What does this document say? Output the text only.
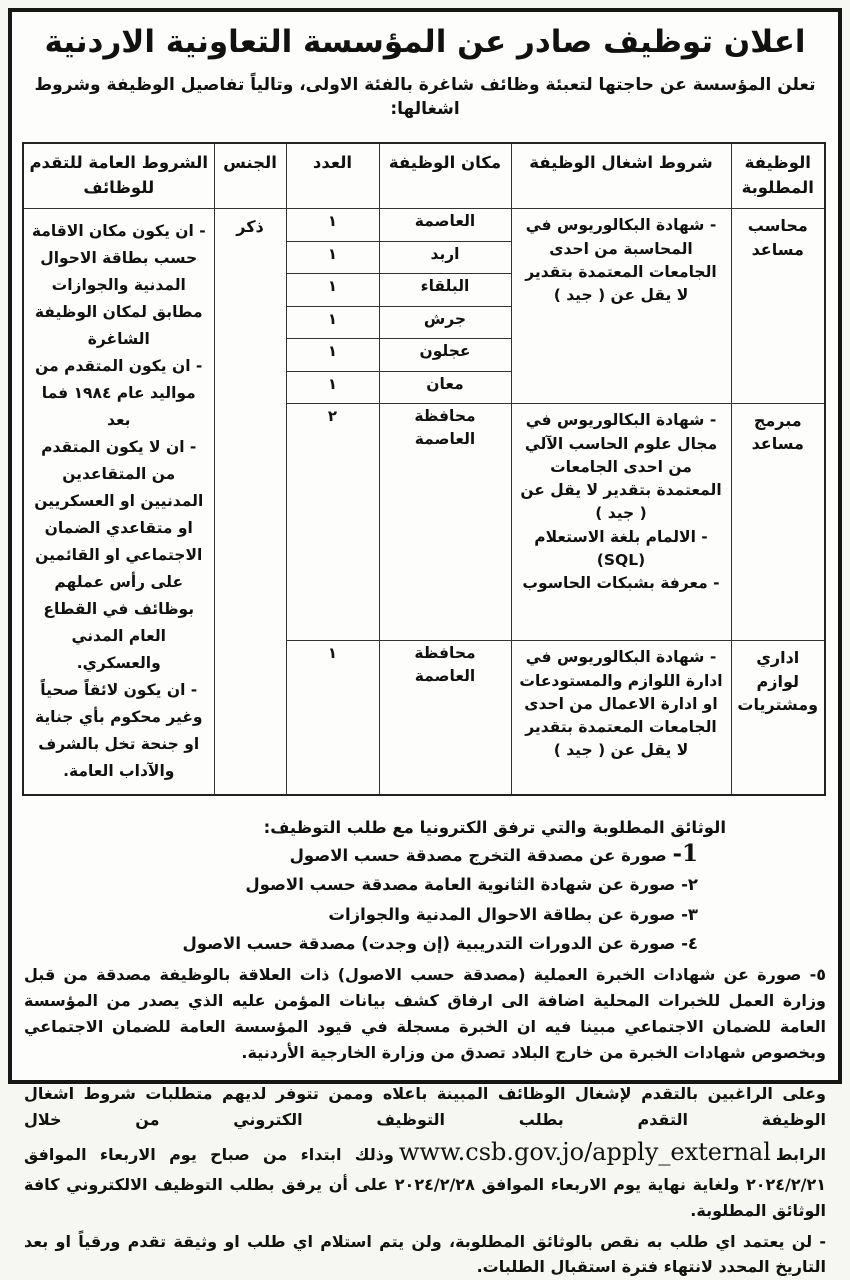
اعلان توظيف صادر عن المؤسسة التعاونية الاردنية

تعلن المؤسسة عن حاجتها لتعبئة وظائف شاغرة بالفئة الاولى، وتالياً تفاصيل الوظيفة وشروط اشغالها:

الوظيفة المطلوبة	شروط اشغال الوظيفة	مكان الوظيفة	العدد	الجنس	الشروط العامة للتقدم للوظائف
محاسب مساعد	- شهادة البكالوريوس في المحاسبة من احدى الجامعات المعتمدة بتقدير لا يقل عن ( جيد )	العاصمة	١	ذكر	- ان يكون مكان الاقامة حسب بطاقة الاحوال المدنية والجوازات مطابق لمكان الوظيفة الشاغرة
- ان يكون المتقدم من مواليد عام ١٩٨٤ فما بعد
- ان لا يكون المتقدم من المتقاعدين المدنيين او العسكريين او متقاعدي الضمان الاجتماعي او القائمين على رأس عملهم بوظائف في القطاع العام المدني والعسكري.
- ان يكون لائقاً صحياً وغير محكوم بأي جناية او جنحة تخل بالشرف والآداب العامة.

		اربد	١		
		البلقاء	١		
		جرش	١		
		عجلون	١		
		معان	١		
مبرمج مساعد	- شهادة البكالوريوس في مجال علوم الحاسب الآلي من احدى الجامعات المعتمدة بتقدير لا يقل عن ( جيد )
- الالمام بلغة الاستعلام (SQL)
- معرفة بشبكات الحاسوب	محافظة العاصمة	٢		
اداري لوازم ومشتريات	- شهادة البكالوريوس في ادارة اللوازم والمستودعات او ادارة الاعمال من احدى الجامعات المعتمدة بتقدير لا يقل عن ( جيد )	محافظة العاصمة	١		

الوثائق المطلوبة والتي ترفق الكترونيا مع طلب التوظيف:

1- صورة عن مصدقة التخرج مصدقة حسب الاصول

٢- صورة عن شهادة الثانوية العامة مصدقة حسب الاصول

٣- صورة عن بطاقة الاحوال المدنية والجوازات

٤- صورة عن الدورات التدريبية (إن وجدت) مصدقة حسب الاصول

٥- صورة عن شهادات الخبرة العملية (مصدقة حسب الاصول) ذات العلاقة بالوظيفة مصدقة من قبل وزارة العمل للخبرات المحلية اضافة الى ارفاق كشف بيانات المؤمن عليه الذي يصدر من المؤسسة العامة للضمان الاجتماعي مبينا فيه ان الخبرة مسجلة في قيود المؤسسة العامة للضمان الاجتماعي وبخصوص شهادات الخبرة من خارج البلاد تصدق من وزارة الخارجية الأردنية.

وعلى الراغبين بالتقدم لإشغال الوظائف المبينة باعلاه وممن تتوفر لديهم متطلبات شروط اشغال الوظيفة التقدم بطلب التوظيف الكتروني من خلال الرابطwww.csb.gov.jo/apply_externalوذلك ابتداء من صباح يوم الاربعاء الموافق ٢٠٢٤/٢/٢١ ولغاية نهاية يوم الاربعاء الموافق ٢٠٢٤/٢/٢٨ على أن يرفق بطلب التوظيف الالكتروني كافة الوثائق المطلوبة.

- لن يعتمد اي طلب به نقص بالوثائق المطلوبة، ولن يتم استلام اي طلب او وثيقة تقدم ورقياً او بعد التاريخ المحدد لانتهاء فترة استقبال الطلبات.
